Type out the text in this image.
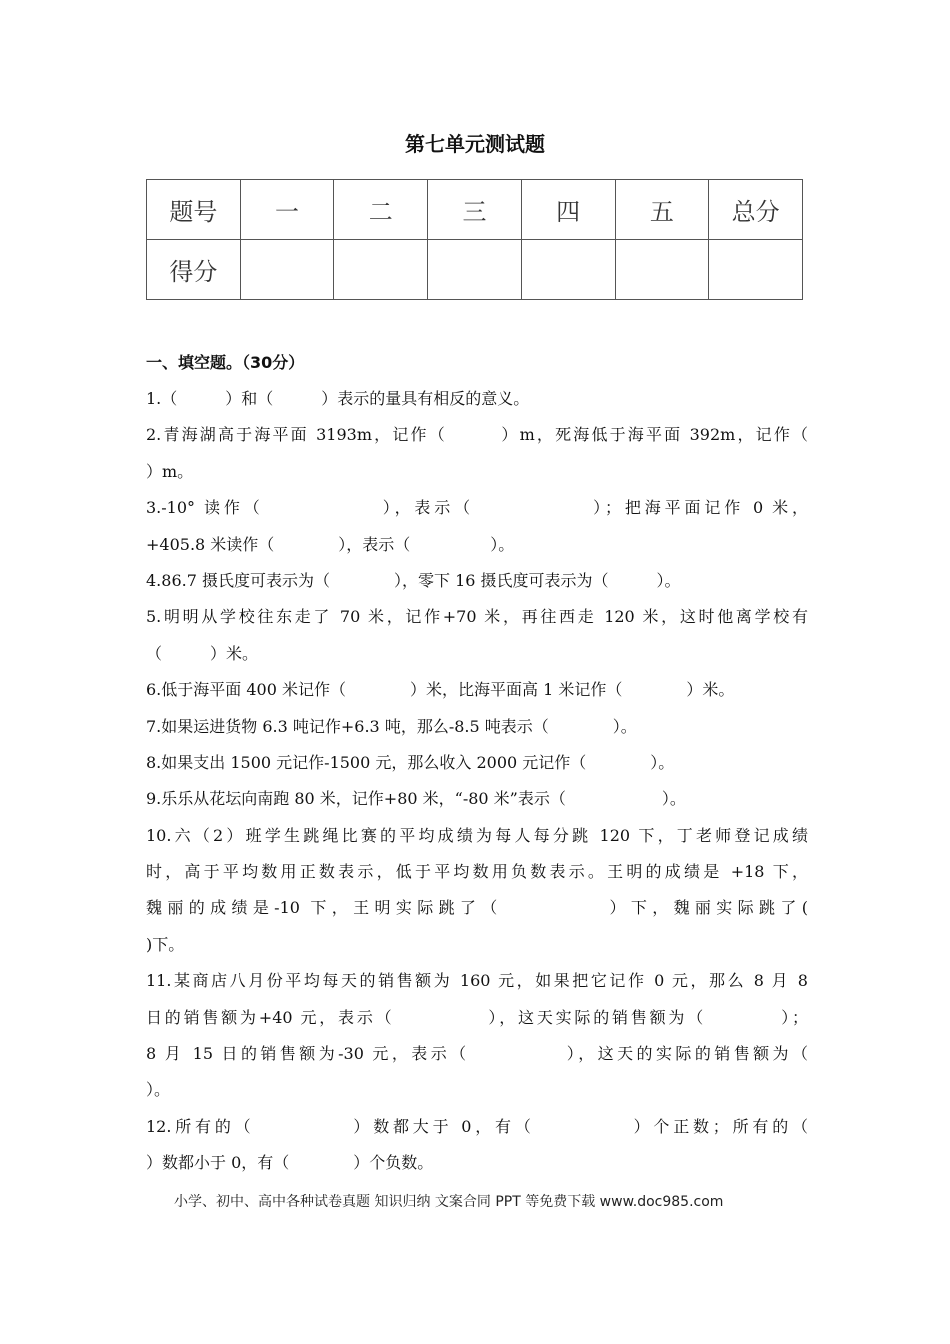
第七单元测试题
题号	一	二	三	四	五	总分
得分						
一、填空题。（30分）
1.（　　　）和（　　　）表示的量具有相反的意义。
2.青海湖高于海平面 3193m，记作（　　　）m，死海低于海平面 392m，记作（
）m。
3.-10° 读作（　　　　　　），表示（　　　　　　）；把海平面记作 0 米，
+405.8 米读作（　　　　），表示（　　　　　）。
4.86.7 摄氏度可表示为（　　　　），零下 16 摄氏度可表示为（　　　）。
5.明明从学校往东走了 70 米，记作+70 米，再往西走 120 米，这时他离学校有
（　　　）米。
6.低于海平面 400 米记作（　　　　）米，比海平面高 1 米记作（　　　　）米。
7.如果运进货物 6.3 吨记作+6.3 吨，那么-8.5 吨表示（　　　　）。
8.如果支出 1500 元记作-1500 元，那么收入 2000 元记作（　　　　）。
9.乐乐从花坛向南跑 80 米，记作+80 米，“-80 米”表示（　　　　　　）。
10.六（2）班学生跳绳比赛的平均成绩为每人每分跳 120 下，丁老师登记成绩
时，高于平均数用正数表示，低于平均数用负数表示。王明的成绩是 +18 下，
魏丽的成绩是-10 下，王明实际跳了（　　　　　）下，魏丽实际跳了(
)下。
11.某商店八月份平均每天的销售额为 160 元，如果把它记作 0 元，那么 8 月 8
日的销售额为+40 元，表示（　　　　　），这天实际的销售额为（　　　　）；
8 月 15 日的销售额为-30 元，表示（　　　　　），这天的实际的销售额为（
）。
12.所有的（　　　　　）数都大于 0，有（　　　　　）个正数；所有的（
）数都小于 0，有（　　　　）个负数。
小学、初中、高中各种试卷真题 知识归纳 文案合同 PPT 等免费下载 www.doc985.com
